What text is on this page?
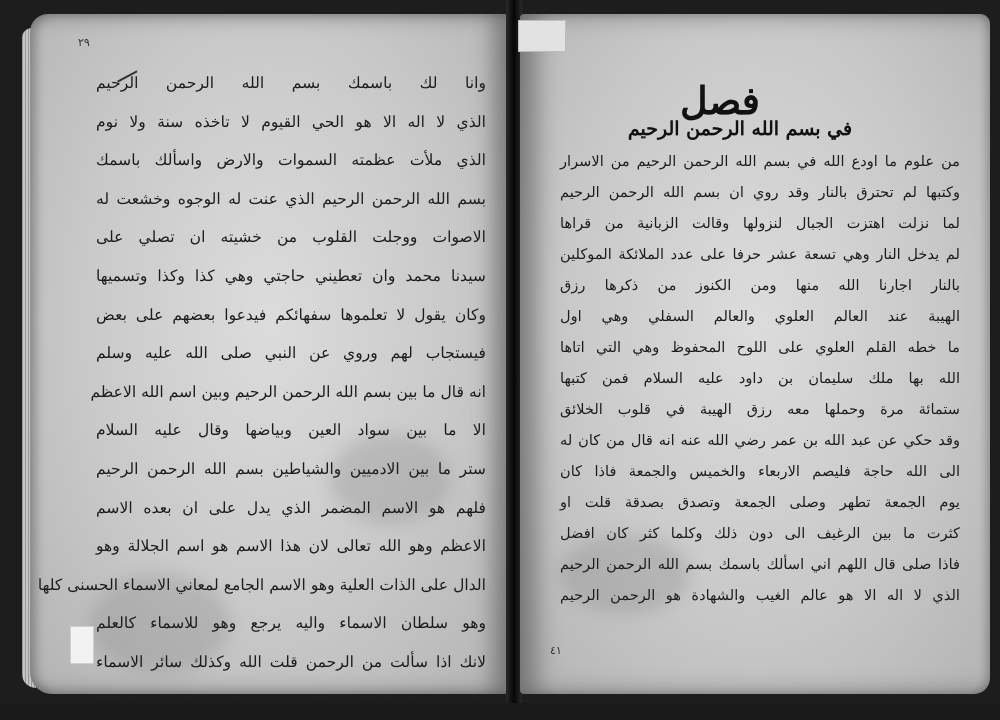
٢٩
وانا لك باسمك بسم الله الرحمن الرحيم
الذي لا اله الا هو الحي القيوم لا تاخذه سنة ولا نوم
الذي ملأت عظمته السموات والارض واسألك باسمك
بسم الله الرحمن الرحيم الذي عنت له الوجوه وخشعت له
الاصوات ووجلت القلوب من خشيته ان تصلي على
سيدنا محمد وان تعطيني حاجتي وهي كذا وكذا وتسميها
وكان يقول لا تعلموها سفهائكم فيدعوا بعضهم على بعض
فيستجاب لهم وروي عن النبي صلى الله عليه وسلم
انه قال ما بين بسم الله الرحمن الرحيم وبين اسم الله الاعظم
الا ما بين سواد العين وبياضها وقال عليه السلام
ستر ما بين الادميين والشياطين بسم الله الرحمن الرحيم
فلهم هو الاسم المضمر الذي يدل على ان بعده الاسم
الاعظم وهو الله تعالى لان هذا الاسم هو اسم الجلالة وهو
الدال على الذات العلية وهو الاسم الجامع لمعاني الاسماء الحسنى كلها
وهو سلطان الاسماء واليه يرجع وهو للاسماء كالعلم
لانك اذا سألت من الرحمن قلت الله وكذلك سائر الاسماء
تضاف اليه وتعرف به لجلاله وعلو مرتبته ورفعته
فصل
في بسم الله الرحمن الرحيم
٤١
من علوم ما اودع الله في بسم الله الرحمن الرحيم من الاسرار
وكتبها لم تحترق بالنار وقد روي ان بسم الله الرحمن الرحيم
لما نزلت اهتزت الجبال لنزولها وقالت الزبانية من قراها
لم يدخل النار وهي تسعة عشر حرفا على عدد الملائكة الموكلين
بالنار اجارنا الله منها ومن الكنوز من ذكرها رزق
الهيبة عند العالم العلوي والعالم السفلي وهي اول
ما خطه القلم العلوي على اللوح المحفوظ وهي التي اتاها
الله بها ملك سليمان بن داود عليه السلام فمن كتبها
ستمائة مرة وحملها معه رزق الهيبة في قلوب الخلائق
وقد حكي عن عبد الله بن عمر رضي الله عنه انه قال من كان له
الى الله حاجة فليصم الاربعاء والخميس والجمعة فاذا كان
يوم الجمعة تطهر وصلى الجمعة وتصدق بصدقة قلت او
كثرت ما بين الرغيف الى دون ذلك وكلما كثر كان افضل
فاذا صلى قال اللهم اني اسألك باسمك بسم الله الرحمن الرحيم
الذي لا اله الا هو عالم الغيب والشهادة هو الرحمن الرحيم
